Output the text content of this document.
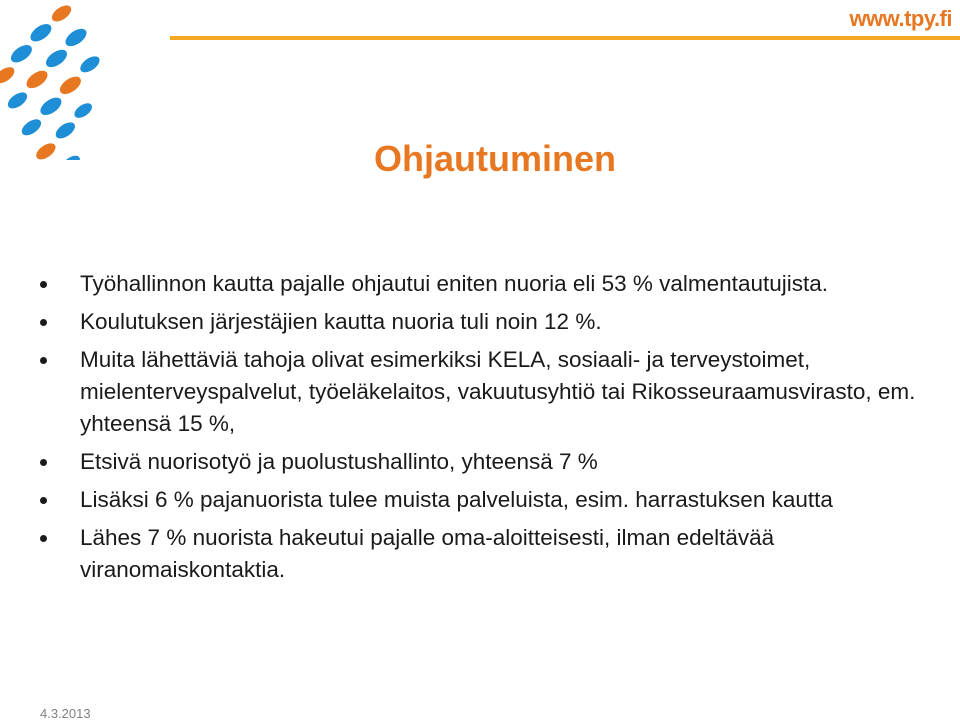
www.tpy.fi
Ohjautuminen
Työhallinnon kautta pajalle ohjautui eniten nuoria eli 53 % valmentautujista.
Koulutuksen järjestäjien kautta nuoria tuli noin 12 %.
Muita lähettäviä tahoja olivat esimerkiksi KELA, sosiaali- ja terveystoimet, mielenterveyspalvelut, työeläkelaitos, vakuutusyhtiö tai Rikosseuraamusvirasto, em. yhteensä 15 %,
Etsivä nuorisotyö ja puolustushallinto, yhteensä 7 %
Lisäksi 6 % pajanuorista tulee muista palveluista, esim. harrastuksen kautta
Lähes 7 % nuorista hakeutui pajalle oma-aloitteisesti, ilman edeltävää viranomaiskontaktia.
4.3.2013
